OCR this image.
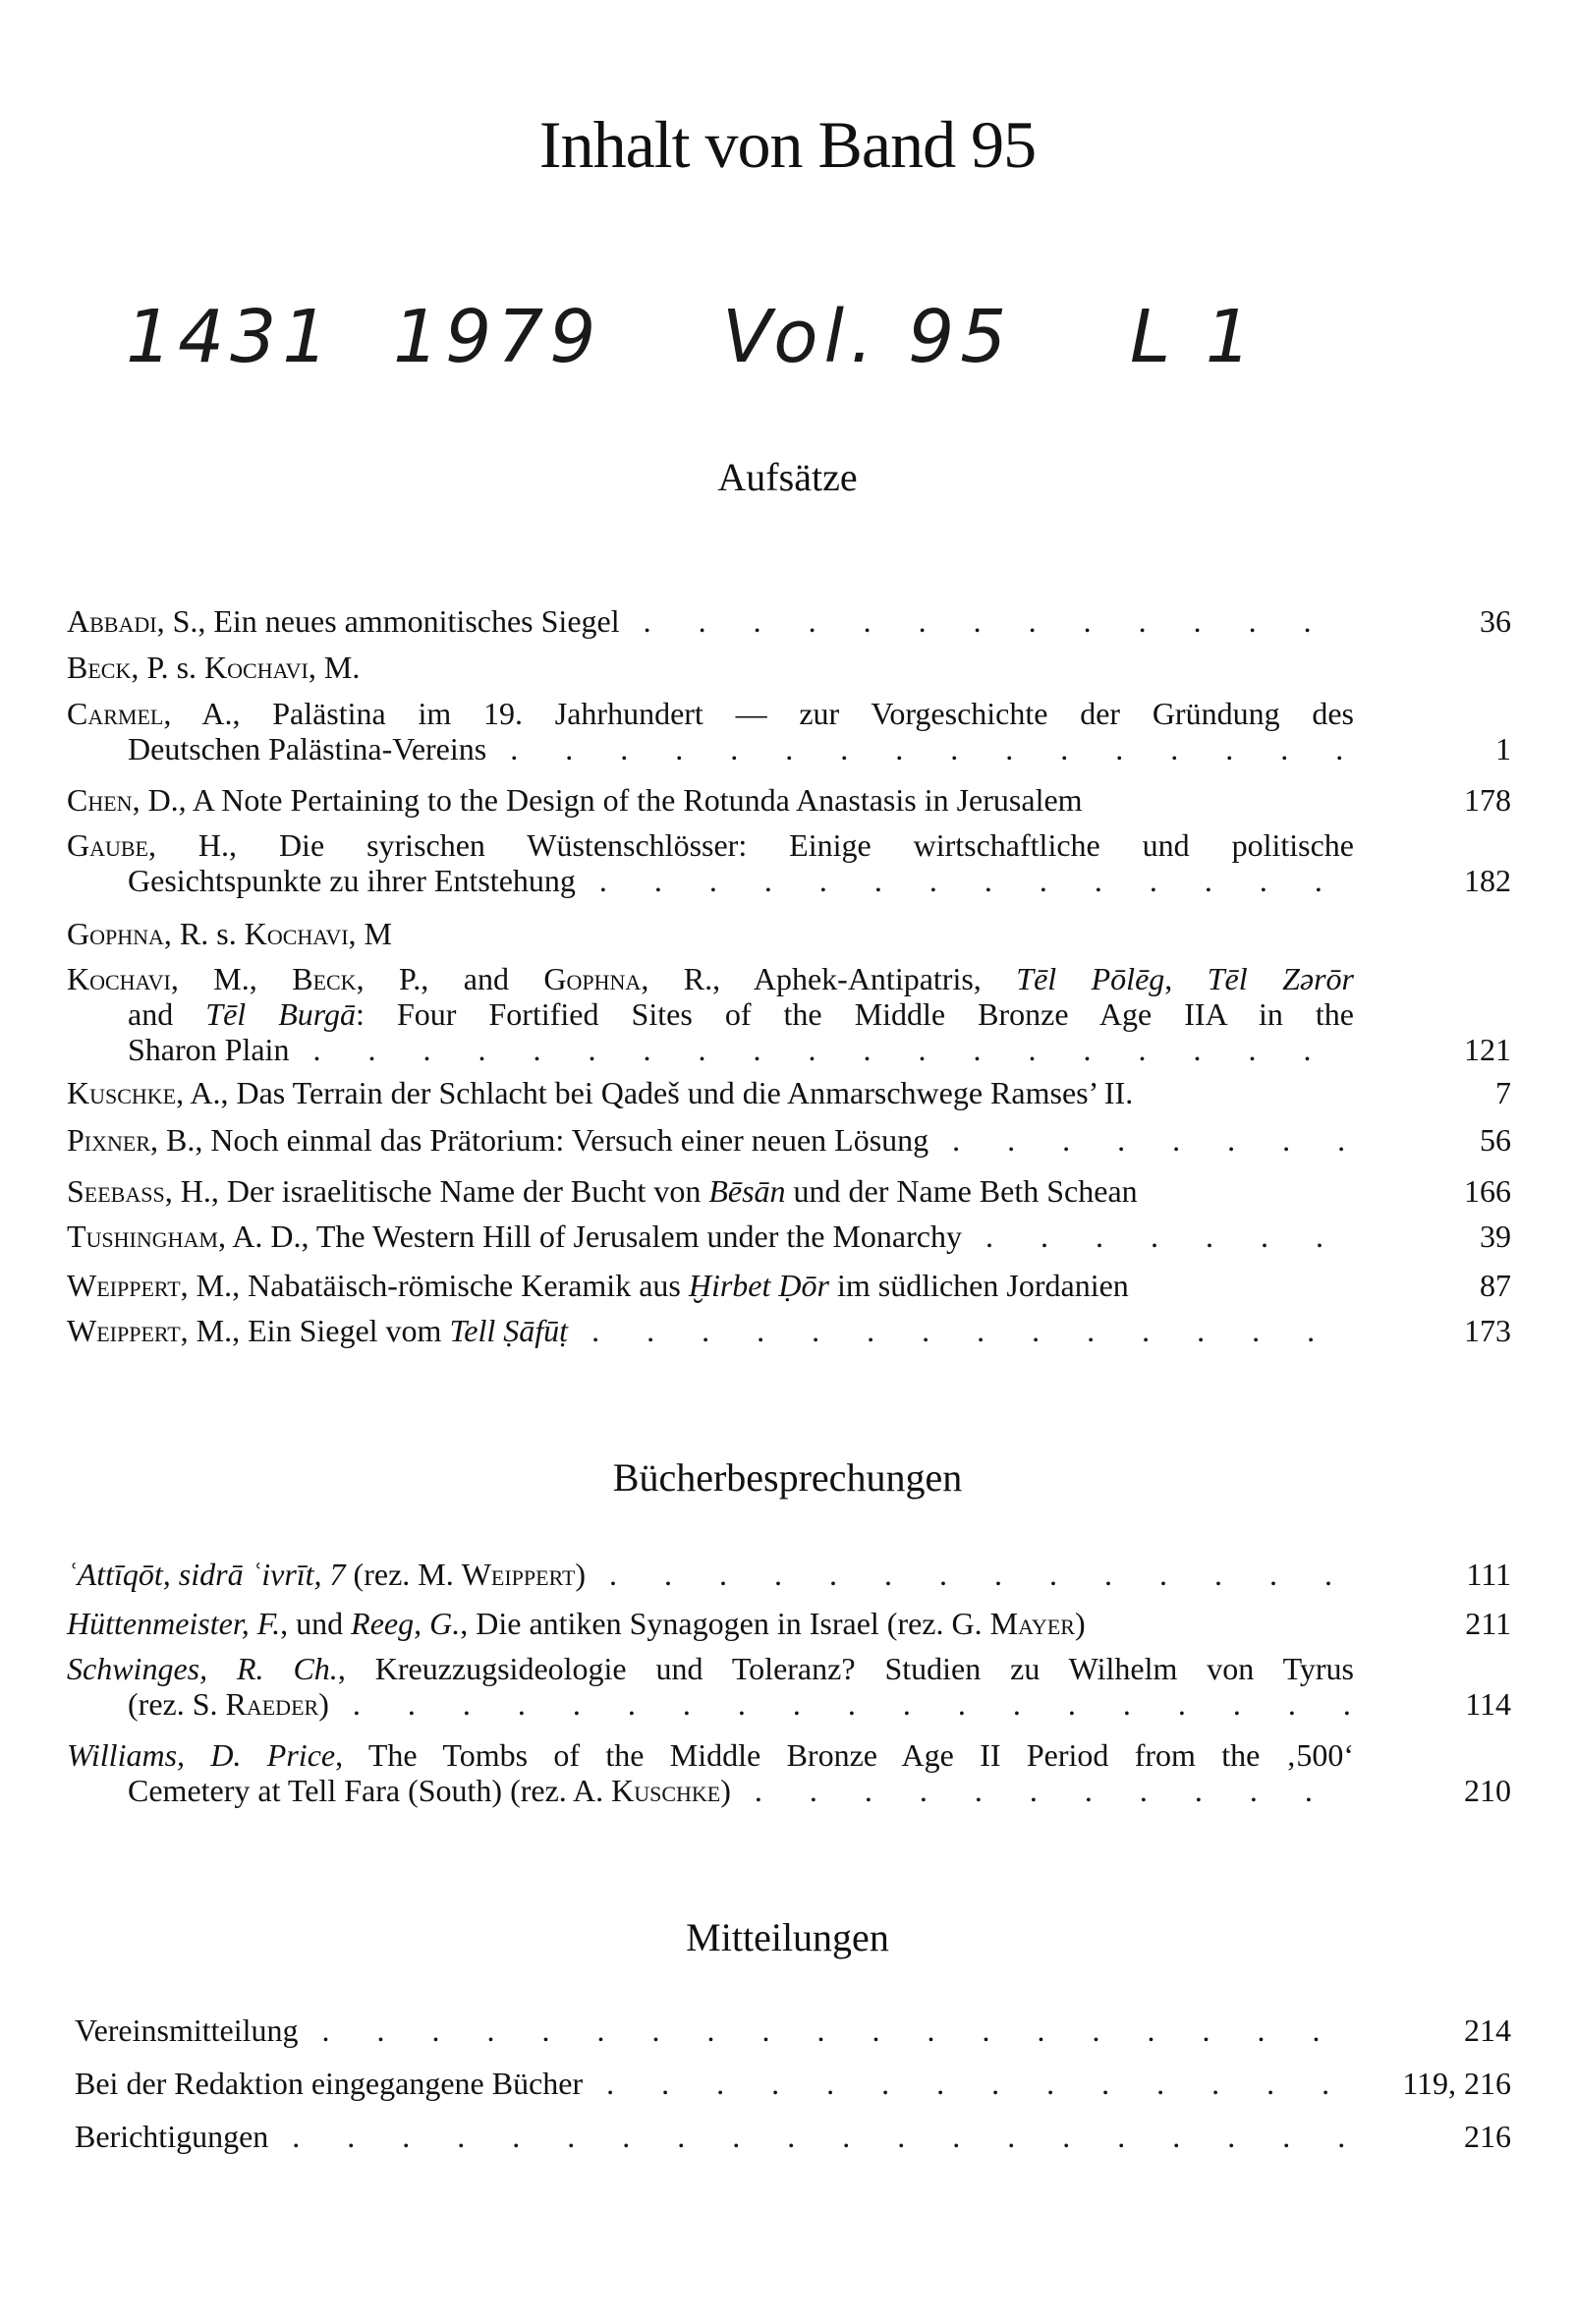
Inhalt von Band 95
1431 1979 Vol. 95 L 1
Aufsätze
Abbadi, S., Ein neues ammonitisches Siegel . . .	36
Beck, P. s. Kochavi, M.
Carmel, A., Palästina im 19. Jahrhundert — zur Vorgeschichte der Gründung des
Deutschen Palästina-Vereins . . .	1
Chen, D., A Note Pertaining to the Design of the Rotunda Anastasis in Jerusalem	178
Gaube, H., Die syrischen Wüstenschlösser: Einige wirtschaftliche und politische
Gesichtspunkte zu ihrer Entstehung . . .	182
Gophna, R. s. Kochavi, M
Kochavi, M., Beck, P., and Gophna, R., Aphek-Antipatris, Tēl Pōlēg, Tēl Zərōr
and Tēl Burgā: Four Fortified Sites of the Middle Bronze Age IIA in the
Sharon Plain . . .	121
Kuschke, A., Das Terrain der Schlacht bei Qadeš und die Anmarschwege Ramses’ II.	7
Pixner, B., Noch einmal das Prätorium: Versuch einer neuen Lösung . . .	56
Seebass, H., Der israelitische Name der Bucht von Bēsān und der Name Beth Schean	166
Tushingham, A. D., The Western Hill of Jerusalem under the Monarchy . . .	39
Weippert, M., Nabatäisch-römische Keramik aus Ḫirbet Ḍōr im südlichen Jordanien	87
Weippert, M., Ein Siegel vom Tell Ṣāfūṭ . . .	173
Bücherbesprechungen
ʿAttīqōt, sidrā ʿivrīt, 7 (rez. M. Weippert) . . .	111
Hüttenmeister, F., und Reeg, G., Die antiken Synagogen in Israel (rez. G. Mayer)	211
Schwinges, R. Ch., Kreuzzugsideologie und Toleranz? Studien zu Wilhelm von Tyrus
(rez. S. Raeder) . . .	114
Williams, D. Price, The Tombs of the Middle Bronze Age II Period from the ‚500‘
Cemetery at Tell Fara (South) (rez. A. Kuschke) . . .	210
Mitteilungen
Vereinsmitteilung . . .	214
Bei der Redaktion eingegangene Bücher . . .	119, 216
Berichtigungen . . .	216
